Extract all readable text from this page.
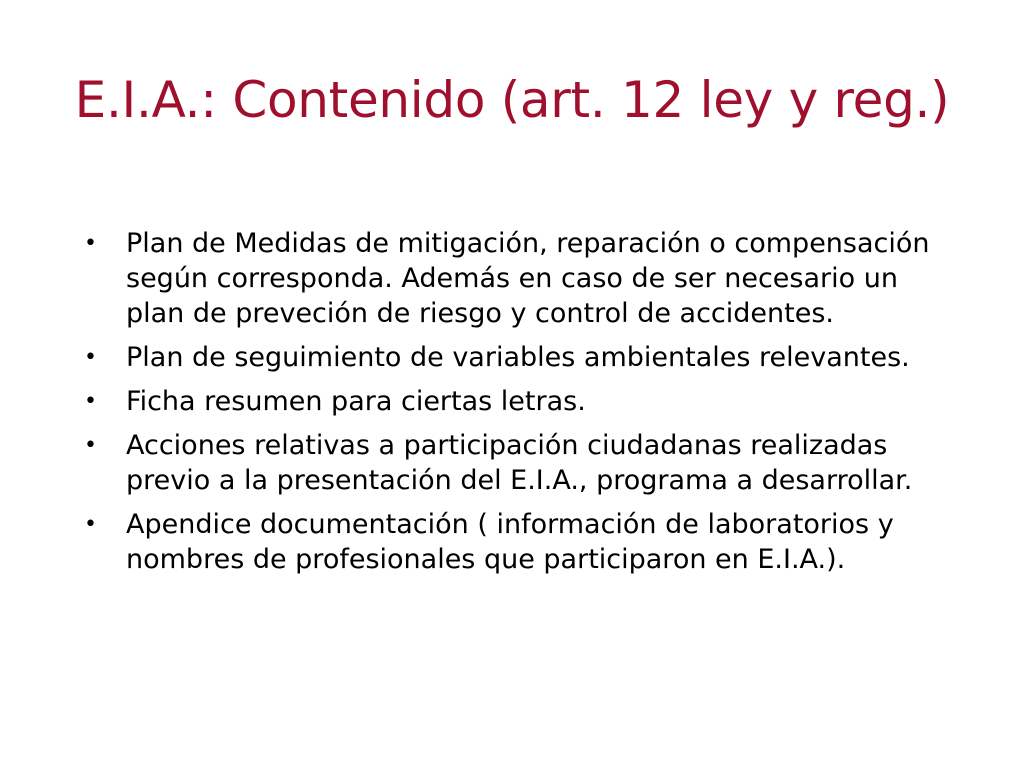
E.I.A.: Contenido (art. 12 ley y reg.)
• Plan de Medidas de mitigación, reparación o compensación según corresponda. Además en caso de ser necesario un plan de preveción de riesgo y control de accidentes.
• Plan de seguimiento de variables ambientales relevantes.
• Ficha resumen para ciertas letras.
• Acciones relativas a participación ciudadanas realizadas previo a la presentación del E.I.A., programa a desarrollar.
• Apendice documentación ( información de laboratorios y nombres de profesionales que participaron en E.I.A.).
